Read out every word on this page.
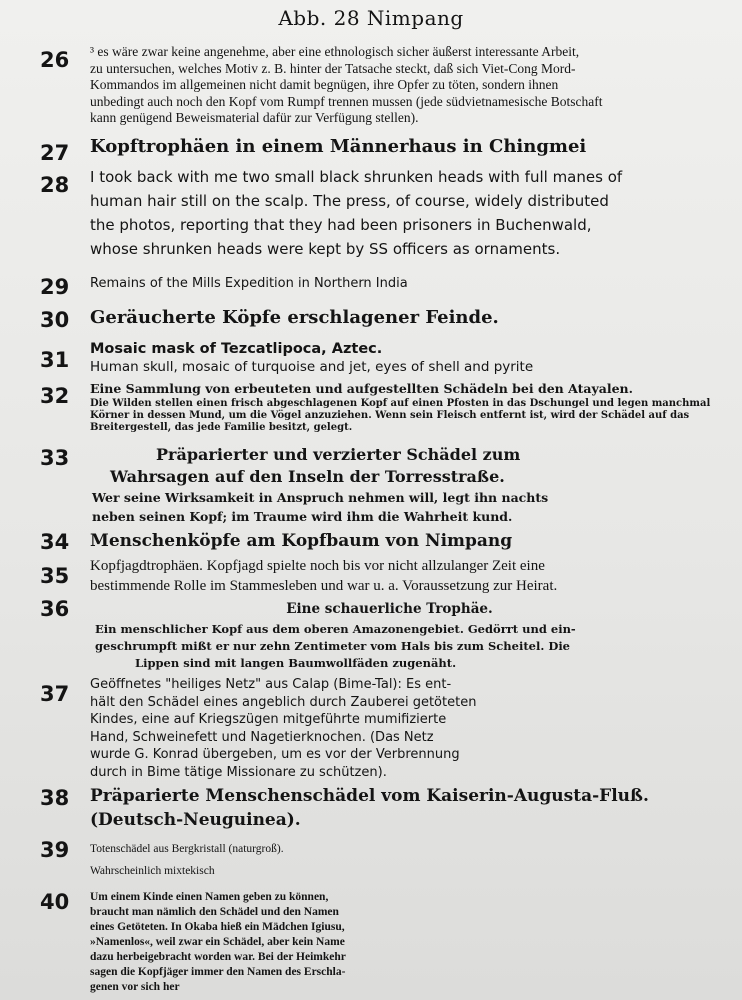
Abb. 28 Nimpang
26	³ es wäre zwar keine angenehme, aber eine ethnologisch sicher äußerst interessante Arbeit,
zu untersuchen, welches Motiv z. B. hinter der Tatsache steckt, daß sich Viet-Cong Mord-
Kommandos im allgemeinen nicht damit begnügen, ihre Opfer zu töten, sondern ihnen
unbedingt auch noch den Kopf vom Rumpf trennen mussen (jede südvietnamesische Botschaft
kann genügend Beweismaterial dafür zur Verfügung stellen).
27	Kopftrophäen in einem Männerhaus in Chingmei
28	I took back with me two small black shrunken heads with full manes of
human hair still on the scalp. The press, of course, widely distributed
the photos, reporting that they had been prisoners in Buchenwald,
whose shrunken heads were kept by SS officers as ornaments.
29	Remains of the Mills Expedition in Northern India
30	Geräucherte Köpfe erschlagener Feinde.
31	Mosaic mask of Tezcatlipoca, Aztec.
Human skull, mosaic of turquoise and jet, eyes of shell and pyrite
32	Eine Sammlung von erbeuteten und aufgestellten Schädeln bei den Atayalen.
Die Wilden stellen einen frisch abgeschlagenen Kopf auf einen Pfosten in das Dschungel und legen manchmal
Körner in dessen Mund, um die Vögel anzuziehen. Wenn sein Fleisch entfernt ist, wird der Schädel auf das
Breitergestell, das jede Familie besitzt, gelegt.
33	Präparierter und verzierter Schädel zum
Wahrsagen auf den Inseln der Torresstraße.
Wer seine Wirksamkeit in Anspruch nehmen will, legt ihn nachts
neben seinen Kopf; im Traume wird ihm die Wahrheit kund.
34	Menschenköpfe am Kopfbaum von Nimpang
35	Kopfjagdtrophäen. Kopfjagd spielte noch bis vor nicht allzulanger Zeit eine
bestimmende Rolle im Stammesleben und war u. a. Voraussetzung zur Heirat.
36	Eine schauerliche Trophäe.
Ein menschlicher Kopf aus dem oberen Amazonengebiet. Gedörrt und ein-
geschrumpft mißt er nur zehn Zentimeter vom Hals bis zum Scheitel. Die
Lippen sind mit langen Baumwollfäden zugenäht.
37	Geöffnetes "heiliges Netz" aus Calap (Bime-Tal): Es ent-
hält den Schädel eines angeblich durch Zauberei getöteten
Kindes, eine auf Kriegszügen mitgeführte mumifizierte
Hand, Schweinefett und Nagetierknochen. (Das Netz
wurde G. Konrad übergeben, um es vor der Verbrennung
durch in Bime tätige Missionare zu schützen).
38	Präparierte Menschenschädel vom Kaiserin-Augusta-Fluß.
(Deutsch-Neuguinea).
39	Totenschädel aus Bergkristall (naturgroß).
Wahrscheinlich mixtekisch
40	Um einem Kinde einen Namen geben zu können,
braucht man nämlich den Schädel und den Namen
eines Getöteten. In Okaba hieß ein Mädchen Igiusu,
»Namenlos«, weil zwar ein Schädel, aber kein Name
dazu herbeigebracht worden war. Bei der Heimkehr
sagen die Kopfjäger immer den Namen des Erschla-
genen vor sich her
